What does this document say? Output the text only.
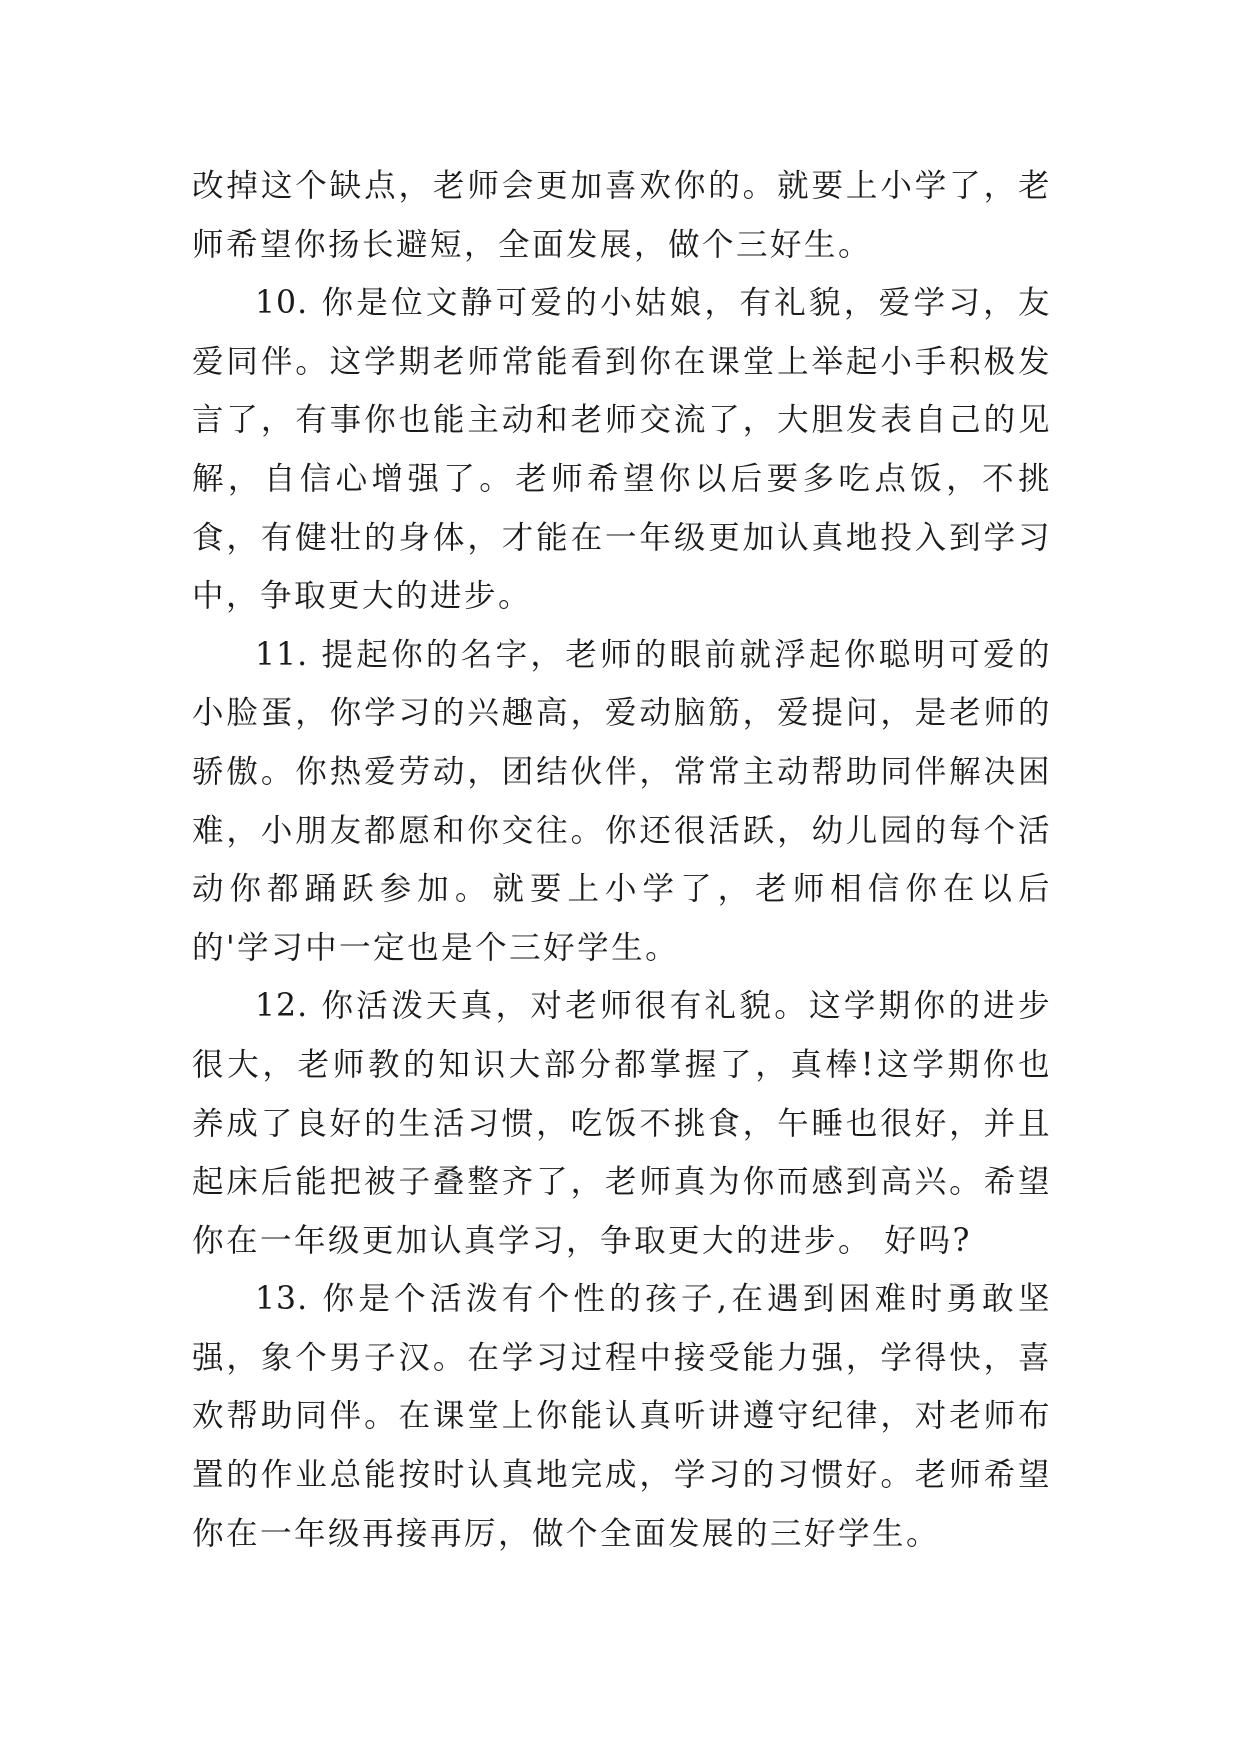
改掉这个缺点，老师会更加喜欢你的。就要上小学了，老师希望你扬长避短，全面发展，做个三好生。

10. 你是位文静可爱的小姑娘，有礼貌，爱学习，友爱同伴。这学期老师常能看到你在课堂上举起小手积极发言了，有事你也能主动和老师交流了，大胆发表自己的见解，自信心增强了。老师希望你以后要多吃点饭，不挑食，有健壮的身体，才能在一年级更加认真地投入到学习中，争取更大的进步。

11. 提起你的名字，老师的眼前就浮起你聪明可爱的小脸蛋，你学习的兴趣高，爱动脑筋，爱提问，是老师的骄傲。你热爱劳动，团结伙伴，常常主动帮助同伴解决困难，小朋友都愿和你交往。你还很活跃，幼儿园的每个活动你都踊跃参加。就要上小学了，老师相信你在以后的'学习中一定也是个三好学生。

12. 你活泼天真，对老师很有礼貌。这学期你的进步很大，老师教的知识大部分都掌握了，真棒!这学期你也养成了良好的生活习惯，吃饭不挑食，午睡也很好，并且起床后能把被子叠整齐了，老师真为你而感到高兴。希望你在一年级更加认真学习，争取更大的进步。 好吗?

13. 你是个活泼有个性的孩子,在遇到困难时勇敢坚强，象个男子汉。在学习过程中接受能力强，学得快，喜欢帮助同伴。在课堂上你能认真听讲遵守纪律，对老师布置的作业总能按时认真地完成，学习的习惯好。老师希望你在一年级再接再厉，做个全面发展的三好学生。
